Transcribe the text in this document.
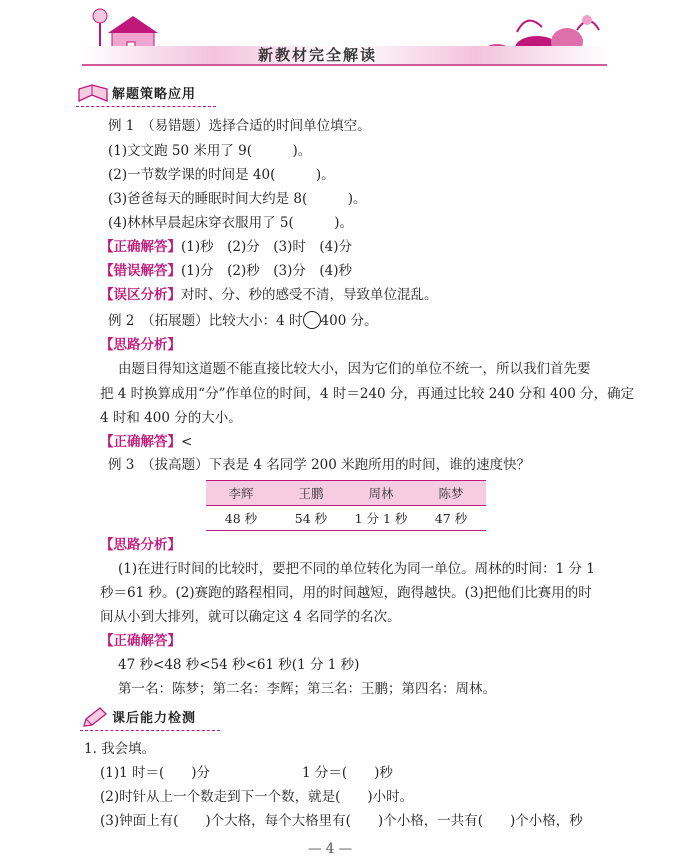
新教材完全解读
解题策略应用
例 1　（易错题）选择合适的时间单位填空。
(1)文文跑 50 米用了 9(　　　)。
(2)一节数学课的时间是 40(　　　)。
(3)爸爸每天的睡眠时间大约是 8(　　　)。
(4)林林早晨起床穿衣服用了 5(　　　)。
【正确解答】(1)秒　(2)分　(3)时　(4)分
【错误解答】(1)分　(2)秒　(3)分　(4)秒
【误区分析】对时、分、秒的感受不清，导致单位混乱。
例 2　（拓展题）比较大小：4 时 400 分。
【思路分析】
由题目得知这道题不能直接比较大小，因为它们的单位不统一，所以我们首先要
把 4 时换算成用“分”作单位的时间，4 时＝240 分，再通过比较 240 分和 400 分，确定
4 时和 400 分的大小。
【正确解答】<
例 3　（拔高题）下表是 4 名同学 200 米跑所用的时间，谁的速度快？
李辉	王鹏	周林	陈梦
48 秒	54 秒	1 分 1 秒	47 秒
【思路分析】
(1)在进行时间的比较时，要把不同的单位转化为同一单位。周林的时间：1 分 1
秒＝61 秒。(2)赛跑的路程相同，用的时间越短，跑得越快。(3)把他们比赛用的时
间从小到大排列，就可以确定这 4 名同学的名次。
【正确解答】
47 秒<48 秒<54 秒<61 秒(1 分 1 秒)
第一名：陈梦；第二名：李辉；第三名：王鹏；第四名：周林。
课后能力检测
1. 我会填。
(1)1 时＝(　　)分	1 分＝(　　)秒
(2)时针从上一个数走到下一个数，就是(　　)小时。
(3)钟面上有(　　)个大格，每个大格里有(　　)个小格，一共有(　　)个小格，秒
— 4 —
